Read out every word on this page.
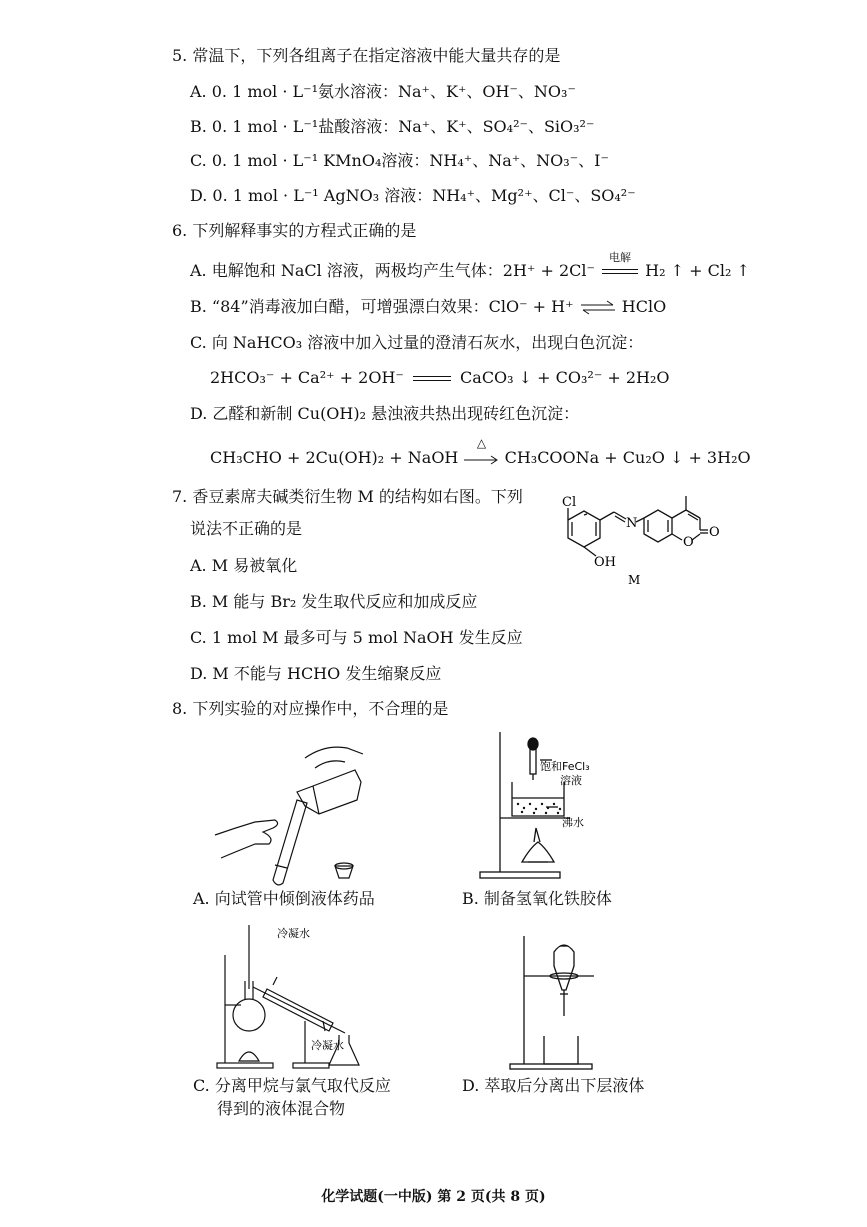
5. 常温下，下列各组离子在指定溶液中能大量共存的是
A. 0. 1 mol · L⁻¹氨水溶液：Na⁺、K⁺、OH⁻、NO₃⁻
B. 0. 1 mol · L⁻¹盐酸溶液：Na⁺、K⁺、SO₄²⁻、SiO₃²⁻
C. 0. 1 mol · L⁻¹ KMnO₄溶液：NH₄⁺、Na⁺、NO₃⁻、I⁻
D. 0. 1 mol · L⁻¹ AgNO₃ 溶液：NH₄⁺、Mg²⁺、Cl⁻、SO₄²⁻
6. 下列解释事实的方程式正确的是
A. 电解饱和 NaCl 溶液，两极均产生气体：2H⁺ + 2Cl⁻
电解
H₂ ↑ + Cl₂ ↑
B. “84”消毒液加白醋，可增强漂白效果：ClO⁻ + H⁺ ⇌ HClO
C. 向 NaHCO₃ 溶液中加入过量的澄清石灰水，出现白色沉淀：
2HCO₃⁻ + Ca²⁺ + 2OH⁻	CaCO₃ ↓ + CO₃²⁻ + 2H₂O
D. 乙醛和新制 Cu(OH)₂ 悬浊液共热出现砖红色沉淀：
CH₃CHO + 2Cu(OH)₂ + NaOH
△
CH₃COONa + Cu₂O ↓ + 3H₂O
7. 香豆素席夫碱类衍生物 M 的结构如右图。下列
说法不正确的是
A. M 易被氧化
B. M 能与 Br₂ 发生取代反应和加成反应
C. 1 mol M 最多可与 5 mol NaOH 发生反应
D. M 不能与 HCHO 发生缩聚反应
Cl
OH
N
O
O
M
8. 下列实验的对应操作中，不合理的是
A. 向试管中倾倒液体药品
饱和FeCl₃
溶液
沸水
B. 制备氢氧化铁胶体
冷凝水
冷凝水
C. 分离甲烷与氯气取代反应
得到的液体混合物
D. 萃取后分离出下层液体
化学试题(一中版) 第 2 页(共 8 页)
